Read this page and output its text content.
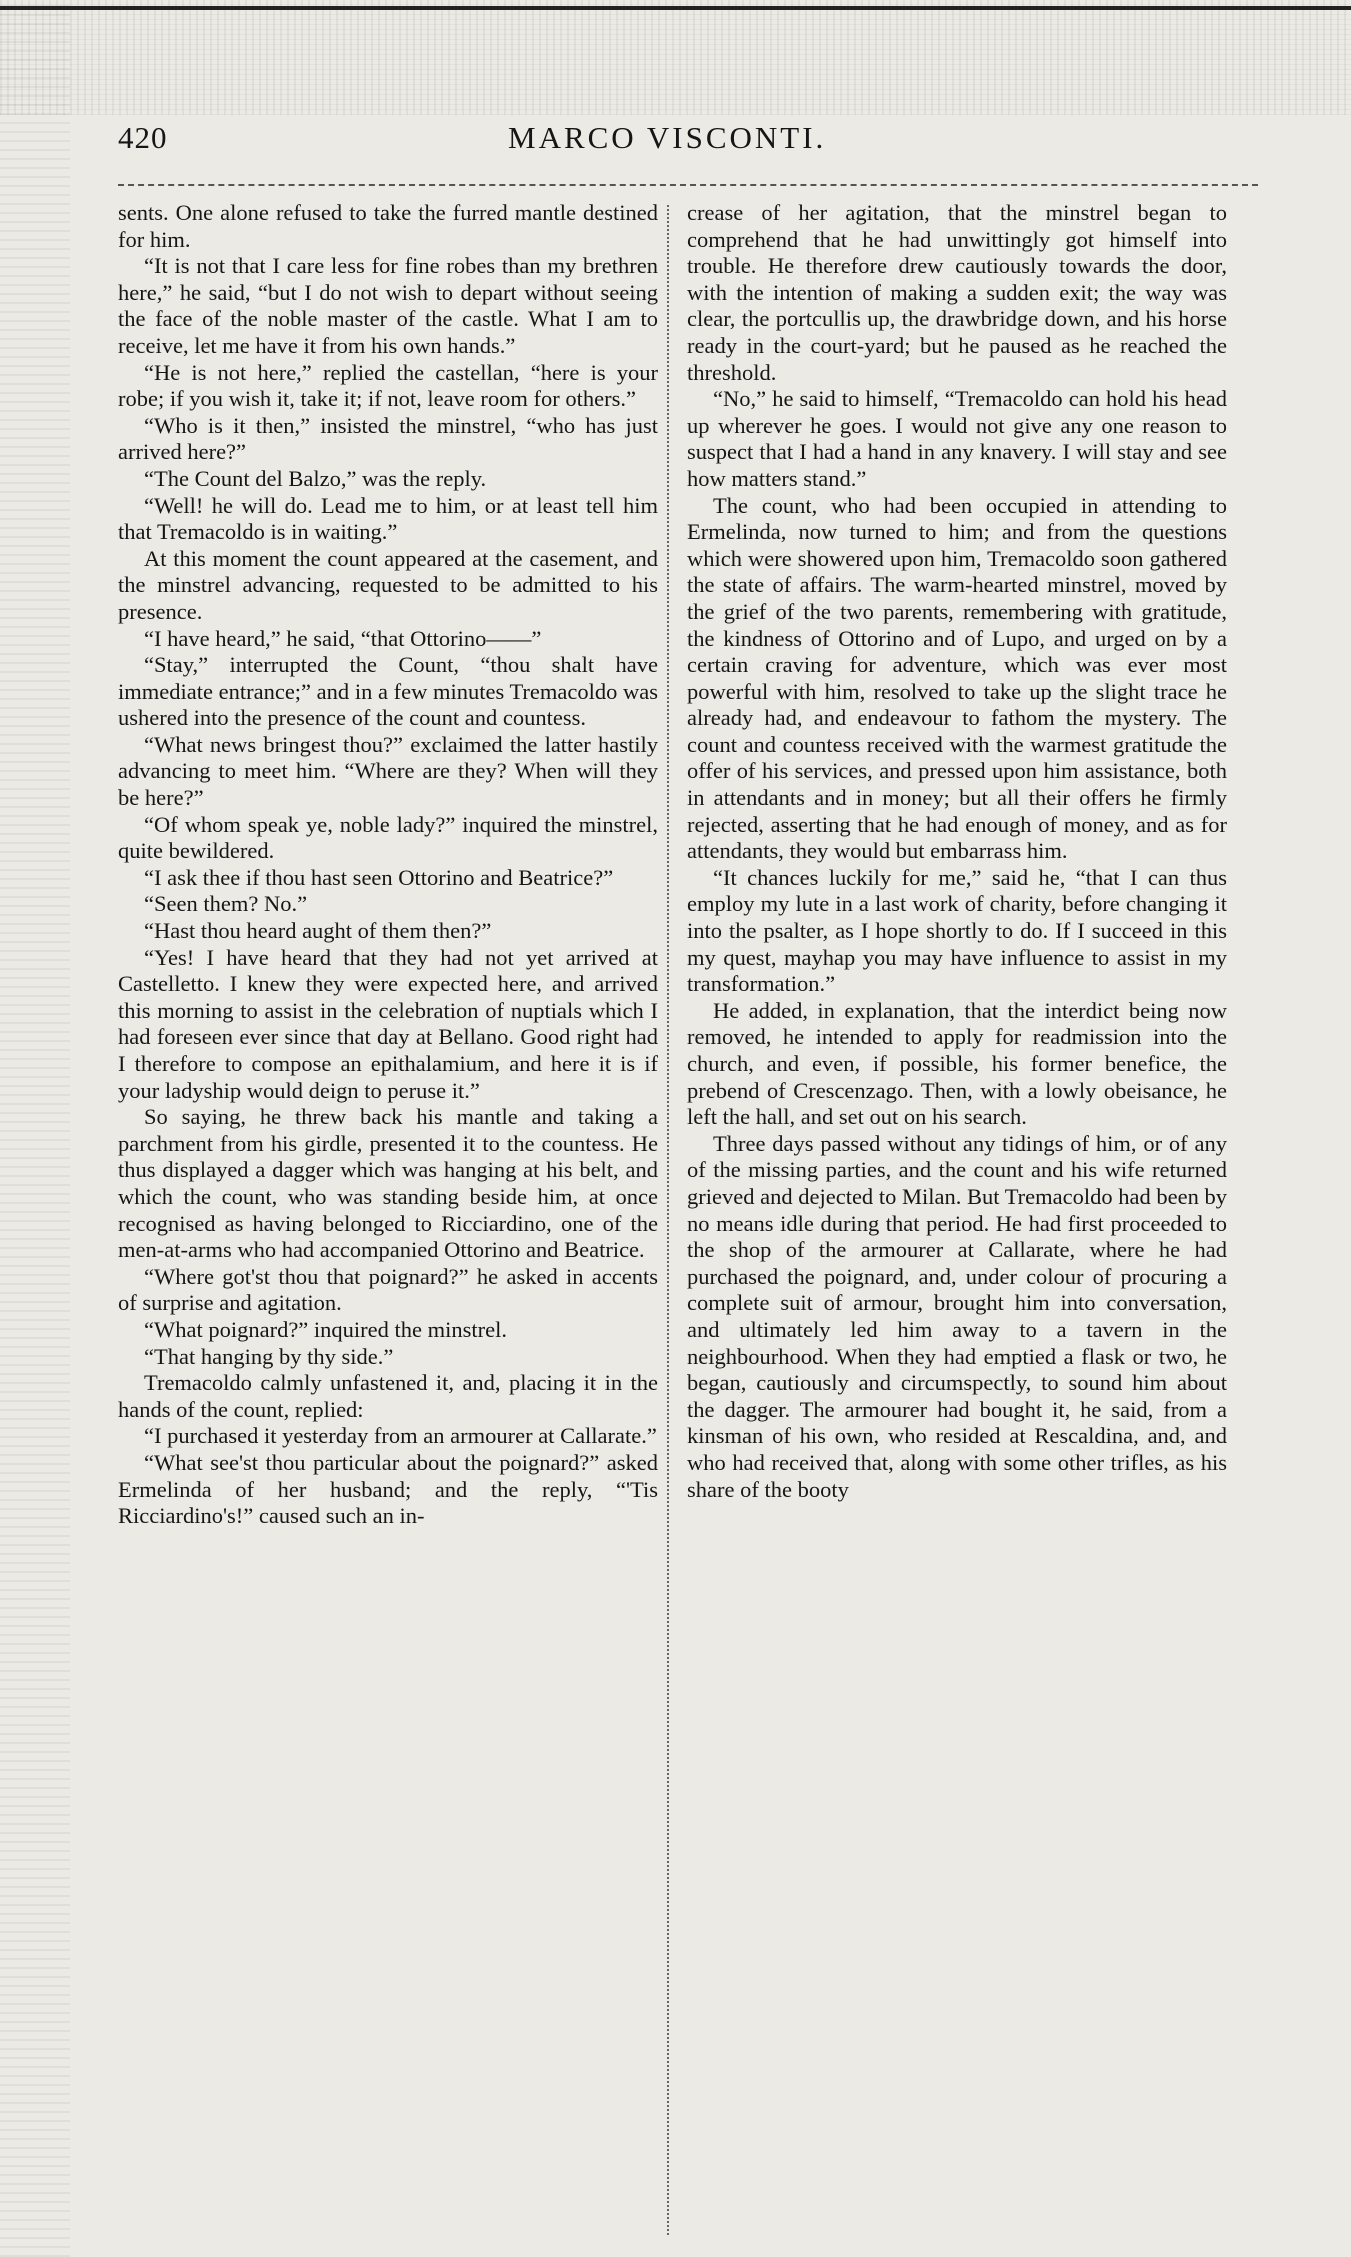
420	MARCO VISCONTI.

sents. One alone refused to take the furred mantle destined for him.

“It is not that I care less for fine robes than my brethren here,” he said, “but I do not wish to depart without seeing the face of the noble master of the castle. What I am to receive, let me have it from his own hands.”

“He is not here,” replied the castellan, “here is your robe; if you wish it, take it; if not, leave room for others.”

“Who is it then,” insisted the minstrel, “who has just arrived here?”

“The Count del Balzo,” was the reply.

“Well! he will do. Lead me to him, or at least tell him that Tremacoldo is in waiting.”

At this moment the count appeared at the casement, and the minstrel advancing, requested to be admitted to his presence.

“I have heard,” he said, “that Ottorino——”

“Stay,” interrupted the Count, “thou shalt have immediate entrance;” and in a few minutes Tremacoldo was ushered into the presence of the count and countess.

“What news bringest thou?” exclaimed the latter hastily advancing to meet him. “Where are they? When will they be here?”

“Of whom speak ye, noble lady?” inquired the minstrel, quite bewildered.

“I ask thee if thou hast seen Ottorino and Beatrice?”

“Seen them? No.”

“Hast thou heard aught of them then?”

“Yes! I have heard that they had not yet arrived at Castelletto. I knew they were expected here, and arrived this morning to assist in the celebration of nuptials which I had foreseen ever since that day at Bellano. Good right had I therefore to compose an epithalamium, and here it is if your ladyship would deign to peruse it.”

So saying, he threw back his mantle and taking a parchment from his girdle, presented it to the countess. He thus displayed a dagger which was hanging at his belt, and which the count, who was standing beside him, at once recognised as having belonged to Ricciardino, one of the men-at-arms who had accompanied Ottorino and Beatrice.

“Where got'st thou that poignard?” he asked in accents of surprise and agitation.

“What poignard?” inquired the minstrel.

“That hanging by thy side.”

Tremacoldo calmly unfastened it, and, placing it in the hands of the count, replied:

“I purchased it yesterday from an armourer at Callarate.”

“What see'st thou particular about the poignard?” asked Ermelinda of her husband; and the reply, “'Tis Ricciardino's!” caused such an in-

crease of her agitation, that the minstrel began to comprehend that he had unwittingly got himself into trouble. He therefore drew cautiously towards the door, with the intention of making a sudden exit; the way was clear, the portcullis up, the drawbridge down, and his horse ready in the court-yard; but he paused as he reached the threshold.

“No,” he said to himself, “Tremacoldo can hold his head up wherever he goes. I would not give any one reason to suspect that I had a hand in any knavery. I will stay and see how matters stand.”

The count, who had been occupied in attending to Ermelinda, now turned to him; and from the questions which were showered upon him, Tremacoldo soon gathered the state of affairs. The warm-hearted minstrel, moved by the grief of the two parents, remembering with gratitude, the kindness of Ottorino and of Lupo, and urged on by a certain craving for adventure, which was ever most powerful with him, resolved to take up the slight trace he already had, and endeavour to fathom the mystery. The count and countess received with the warmest gratitude the offer of his services, and pressed upon him assistance, both in attendants and in money; but all their offers he firmly rejected, asserting that he had enough of money, and as for attendants, they would but embarrass him.

“It chances luckily for me,” said he, “that I can thus employ my lute in a last work of charity, before changing it into the psalter, as I hope shortly to do. If I succeed in this my quest, mayhap you may have influence to assist in my transformation.”

He added, in explanation, that the interdict being now removed, he intended to apply for readmission into the church, and even, if possible, his former benefice, the prebend of Crescenzago. Then, with a lowly obeisance, he left the hall, and set out on his search.

Three days passed without any tidings of him, or of any of the missing parties, and the count and his wife returned grieved and dejected to Milan. But Tremacoldo had been by no means idle during that period. He had first proceeded to the shop of the armourer at Callarate, where he had purchased the poignard, and, under colour of procuring a complete suit of armour, brought him into conversation, and ultimately led him away to a tavern in the neighbourhood. When they had emptied a flask or two, he began, cautiously and circumspectly, to sound him about the dagger. The armourer had bought it, he said, from a kinsman of his own, who resided at Rescaldina, and, and who had received that, along with some other trifles, as his share of the booty
